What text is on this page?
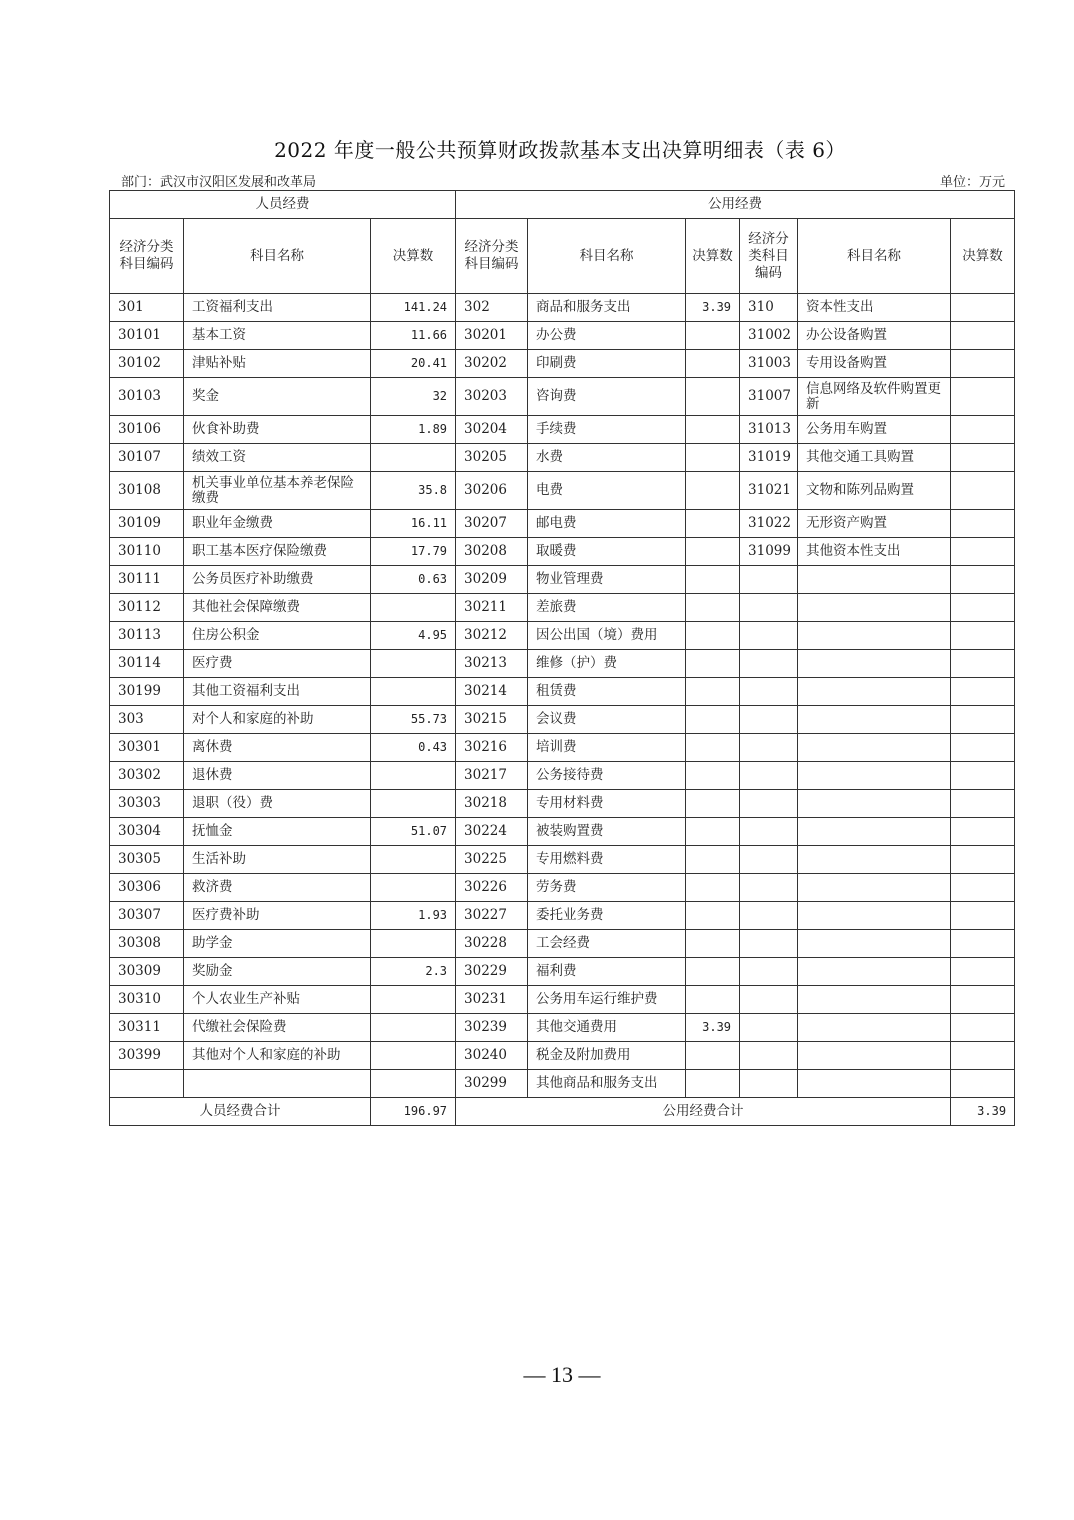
2022 年度一般公共预算财政拨款基本支出决算明细表（表 6）
部门：武汉市汉阳区发展和改革局	单位：万元
人员经费			公用经费					
经济分类科目编码	科目名称	决算数	经济分类科目编码	科目名称	决算数	经济分类科目编码	科目名称	决算数
301	工资福利支出	141.24	302	商品和服务支出	3.39	310	资本性支出	
30101	基本工资	11.66	30201	办公费		31002	办公设备购置	
30102	津贴补贴	20.41	30202	印刷费		31003	专用设备购置	
30103	奖金	32	30203	咨询费		31007	信息网络及软件购置更新	
30106	伙食补助费	1.89	30204	手续费		31013	公务用车购置	
30107	绩效工资		30205	水费		31019	其他交通工具购置	
30108	机关事业单位基本养老保险缴费	35.8	30206	电费		31021	文物和陈列品购置	
30109	职业年金缴费	16.11	30207	邮电费		31022	无形资产购置	
30110	职工基本医疗保险缴费	17.79	30208	取暖费		31099	其他资本性支出	
30111	公务员医疗补助缴费	0.63	30209	物业管理费				
30112	其他社会保障缴费		30211	差旅费				
30113	住房公积金	4.95	30212	因公出国（境）费用				
30114	医疗费		30213	维修（护）费				
30199	其他工资福利支出		30214	租赁费				
303	对个人和家庭的补助	55.73	30215	会议费				
30301	离休费	0.43	30216	培训费				
30302	退休费		30217	公务接待费				
30303	退职（役）费		30218	专用材料费				
30304	抚恤金	51.07	30224	被装购置费				
30305	生活补助		30225	专用燃料费				
30306	救济费		30226	劳务费				
30307	医疗费补助	1.93	30227	委托业务费				
30308	助学金		30228	工会经费				
30309	奖励金	2.3	30229	福利费				
30310	个人农业生产补贴		30231	公务用车运行维护费				
30311	代缴社会保险费		30239	其他交通费用	3.39			
30399	其他对个人和家庭的补助		30240	税金及附加费用				
			30299	其他商品和服务支出				
人员经费合计		196.97	公用经费合计					3.39
— 13 —
